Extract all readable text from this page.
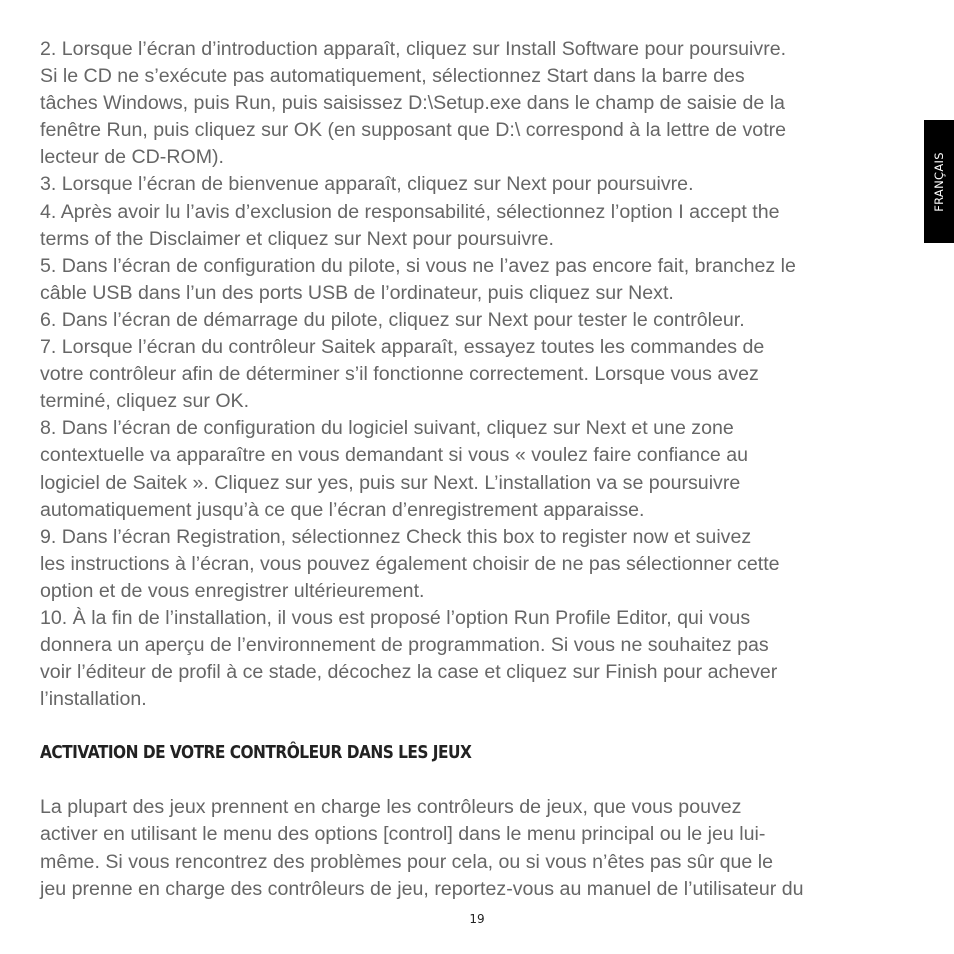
2. Lorsque l’écran d’introduction apparaît, cliquez sur Install Software pour poursuivre.
Si le CD ne s’exécute pas automatiquement, sélectionnez Start dans la barre des
tâches Windows, puis Run, puis saisissez D:\Setup.exe dans le champ de saisie de la
fenêtre Run, puis cliquez sur OK (en supposant que D:\ correspond à la lettre de votre
lecteur de CD-ROM).

3. Lorsque l’écran de bienvenue apparaît, cliquez sur Next pour poursuivre.

4. Après avoir lu l’avis d’exclusion de responsabilité, sélectionnez l’option I accept the
terms of the Disclaimer et cliquez sur Next pour poursuivre.

5. Dans l’écran de configuration du pilote, si vous ne l’avez pas encore fait, branchez le
câble USB dans l’un des ports USB de l’ordinateur, puis cliquez sur Next.

6. Dans l’écran de démarrage du pilote, cliquez sur Next pour tester le contrôleur.

7. Lorsque l’écran du contrôleur Saitek apparaît, essayez toutes les commandes de
votre contrôleur afin de déterminer s’il fonctionne correctement. Lorsque vous avez
terminé, cliquez sur OK.

8. Dans l’écran de configuration du logiciel suivant, cliquez sur Next et une zone
contextuelle va apparaître en vous demandant si vous « voulez faire confiance au
logiciel de Saitek ». Cliquez sur yes, puis sur Next. L’installation va se poursuivre
automatiquement jusqu’à ce que l’écran d’enregistrement apparaisse.

9. Dans l’écran Registration, sélectionnez Check this box to register now et suivez
les instructions à l’écran, vous pouvez également choisir de ne pas sélectionner cette
option et de vous enregistrer ultérieurement.

10. À la fin de l’installation, il vous est proposé l’option Run Profile Editor, qui vous
donnera un aperçu de l’environnement de programmation. Si vous ne souhaitez pas
voir l’éditeur de profil à ce stade, décochez la case et cliquez sur Finish pour achever
l’installation.

ACTIVATION DE VOTRE CONTRÔLEUR DANS LES JEUX

La plupart des jeux prennent en charge les contrôleurs de jeux, que vous pouvez
activer en utilisant le menu des options [control] dans le menu principal ou le jeu lui-
même. Si vous rencontrez des problèmes pour cela, ou si vous n’êtes pas sûr que le
jeu prenne en charge des contrôleurs de jeu, reportez-vous au manuel de l’utilisateur du

FRANÇAIS
19
